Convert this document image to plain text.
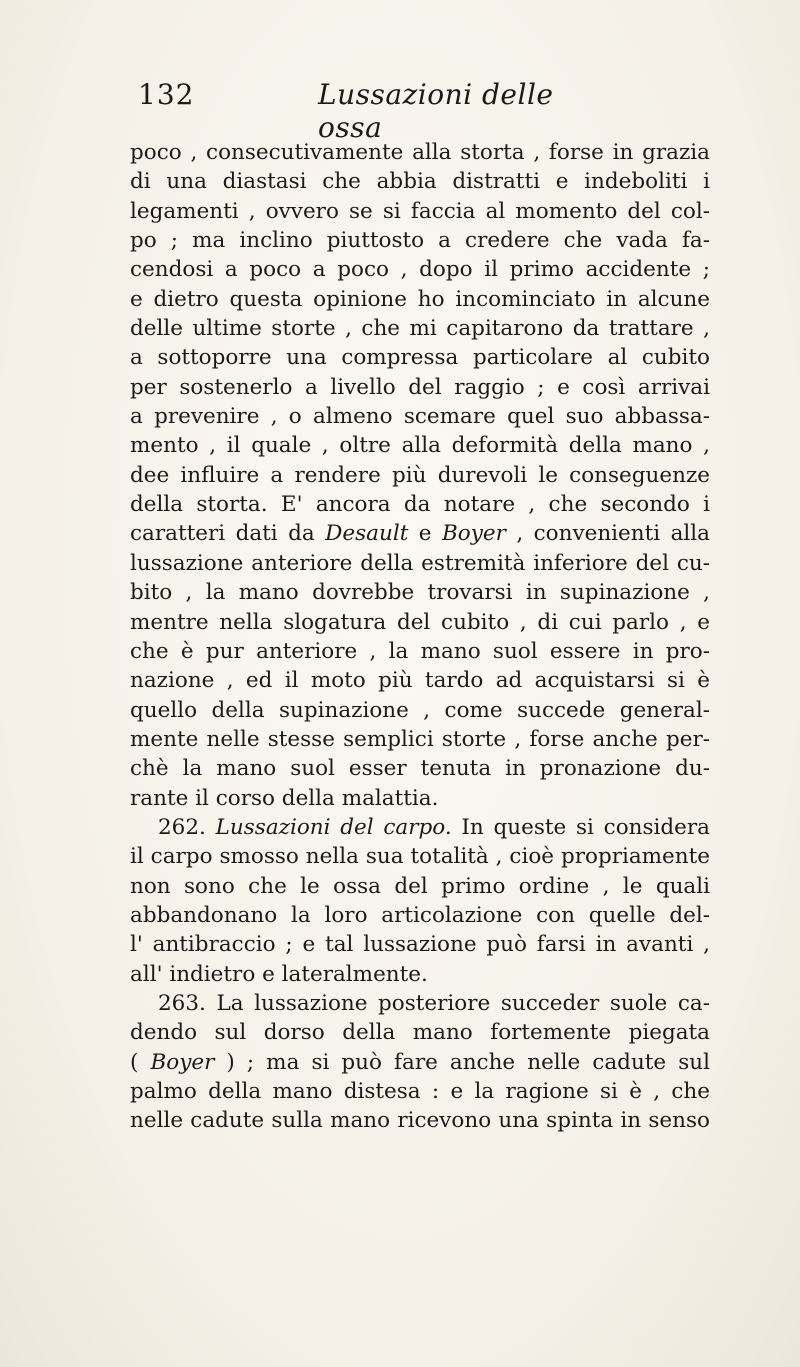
132	Lussazioni delle ossa
poco , consecutivamente alla storta , forse in grazia
di una diastasi che abbia distratti e indeboliti i
legamenti , ovvero se si faccia al momento del col-
po ; ma inclino piuttosto a credere che vada fa-
cendosi a poco a poco , dopo il primo accidente ;
e dietro questa opinione ho incominciato in alcune
delle ultime storte , che mi capitarono da trattare ,
a sottoporre una compressa particolare al cubito
per sostenerlo a livello del raggio ; e così arrivai
a prevenire , o almeno scemare quel suo abbassa-
mento , il quale , oltre alla deformità della mano ,
dee influire a rendere più durevoli le conseguenze
della storta. E' ancora da notare , che secondo i
caratteri dati da Desault e Boyer , convenienti alla
lussazione anteriore della estremità inferiore del cu-
bito , la mano dovrebbe trovarsi in supinazione ,
mentre nella slogatura del cubito , di cui parlo , e
che è pur anteriore , la mano suol essere in pro-
nazione , ed il moto più tardo ad acquistarsi si è
quello della supinazione , come succede general-
mente nelle stesse semplici storte , forse anche per-
chè la mano suol esser tenuta in pronazione du-
rante il corso della malattia.
262. Lussazioni del carpo. In queste si considera
il carpo smosso nella sua totalità , cioè propriamente
non sono che le ossa del primo ordine , le quali
abbandonano la loro articolazione con quelle del-
l' antibraccio ; e tal lussazione può farsi in avanti ,
all' indietro e lateralmente.
263. La lussazione posteriore succeder suole ca-
dendo sul dorso della mano fortemente piegata
( Boyer ) ; ma si può fare anche nelle cadute sul
palmo della mano distesa : e la ragione si è , che
nelle cadute sulla mano ricevono una spinta in senso
